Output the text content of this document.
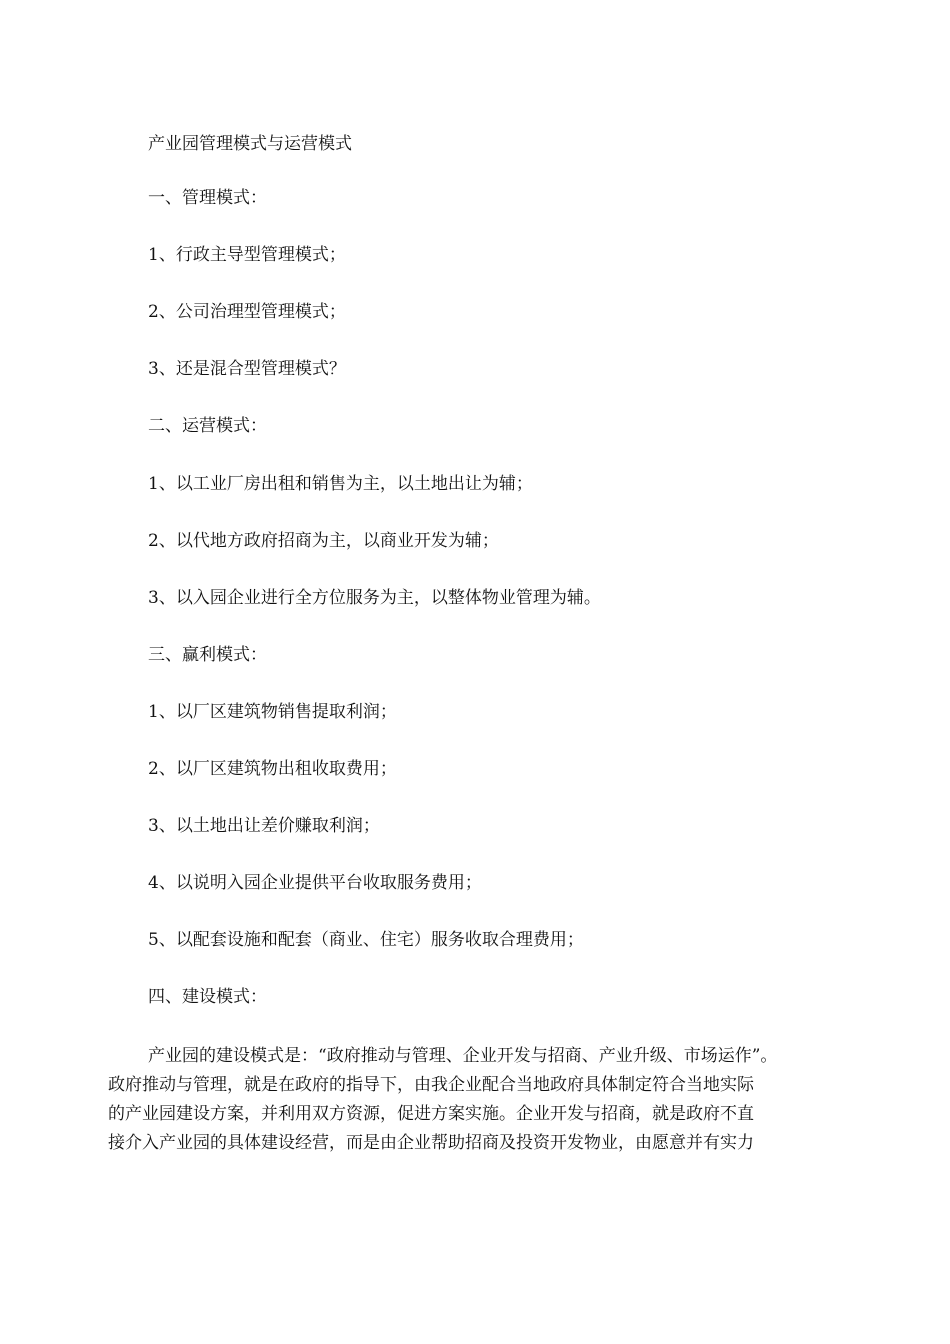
产业园管理模式与运营模式
一、管理模式：
1、行政主导型管理模式；
2、公司治理型管理模式；
3、还是混合型管理模式？
二、运营模式：
1、以工业厂房出租和销售为主，以土地出让为辅；
2、以代地方政府招商为主，以商业开发为辅；
3、以入园企业进行全方位服务为主，以整体物业管理为辅。
三、赢利模式：
1、以厂区建筑物销售提取利润；
2、以厂区建筑物出租收取费用；
3、以土地出让差价赚取利润；
4、以说明入园企业提供平台收取服务费用；
5、以配套设施和配套（商业、住宅）服务收取合理费用；
四、建设模式：
产业园的建设模式是：“政府推动与管理、企业开发与招商、产业升级、市场运作”。
政府推动与管理，就是在政府的指导下，由我企业配合当地政府具体制定符合当地实际
的产业园建设方案，并利用双方资源，促进方案实施。企业开发与招商，就是政府不直
接介入产业园的具体建设经营，而是由企业帮助招商及投资开发物业，由愿意并有实力
